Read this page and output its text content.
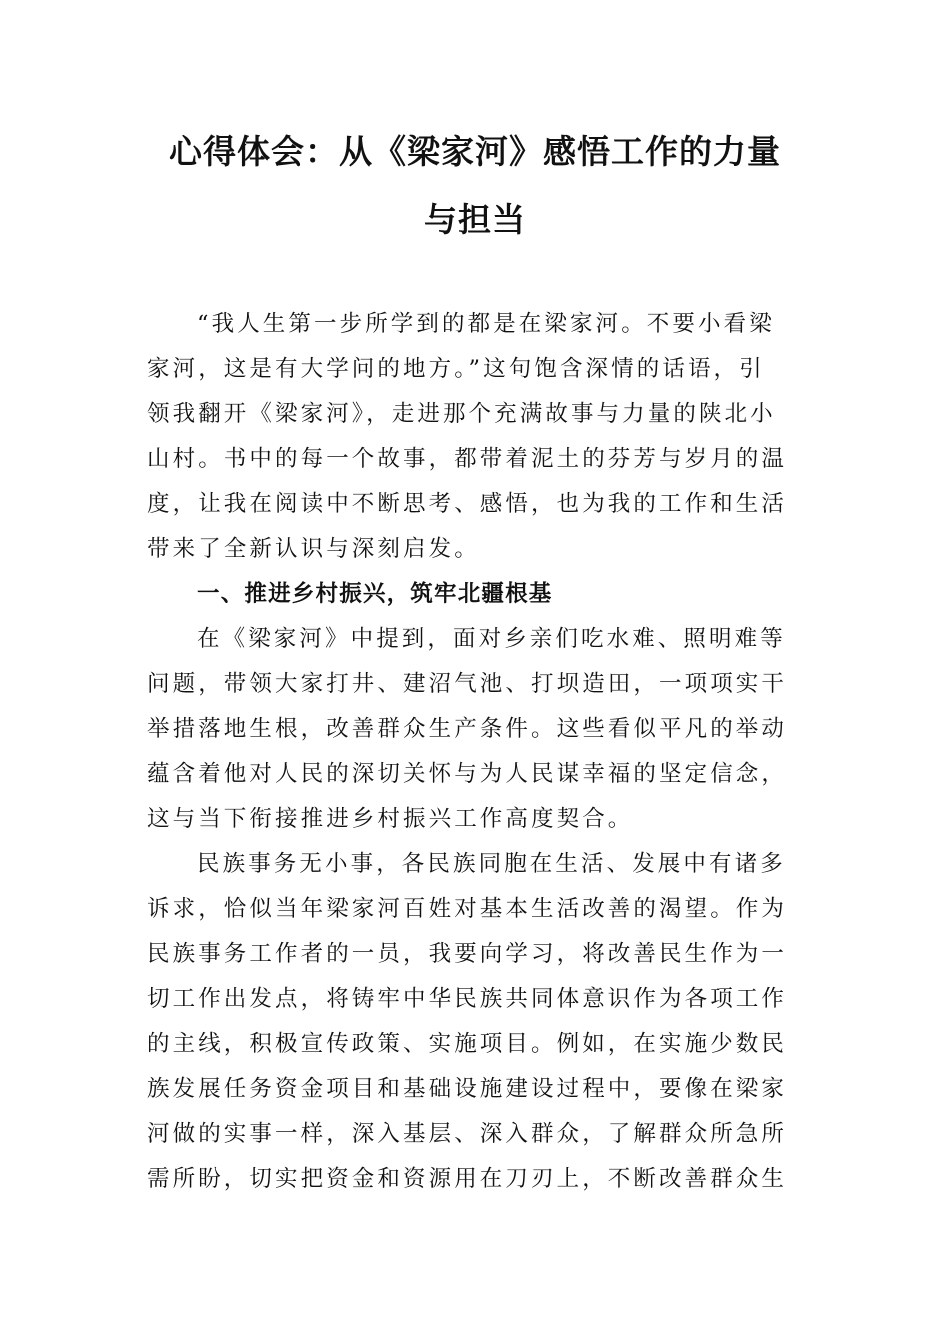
心得体会：从《梁家河》感悟工作的力量
与担当
“我人生第一步所学到的都是在梁家河。不要小看梁
家河，这是有大学问的地方。”这句饱含深情的话语，引
领我翻开《梁家河》，走进那个充满故事与力量的陕北小
山村。书中的每一个故事，都带着泥土的芬芳与岁月的温
度，让我在阅读中不断思考、感悟，也为我的工作和生活
带来了全新认识与深刻启发。
一、推进乡村振兴，筑牢北疆根基
在《梁家河》中提到，面对乡亲们吃水难、照明难等
问题，带领大家打井、建沼气池、打坝造田，一项项实干
举措落地生根，改善群众生产条件。这些看似平凡的举动
蕴含着他对人民的深切关怀与为人民谋幸福的坚定信念，
这与当下衔接推进乡村振兴工作高度契合。
民族事务无小事，各民族同胞在生活、发展中有诸多
诉求，恰似当年梁家河百姓对基本生活改善的渴望。作为
民族事务工作者的一员，我要向学习，将改善民生作为一
切工作出发点，将铸牢中华民族共同体意识作为各项工作
的主线，积极宣传政策、实施项目。例如，在实施少数民
族发展任务资金项目和基础设施建设过程中，要像在梁家
河做的实事一样，深入基层、深入群众，了解群众所急所
需所盼，切实把资金和资源用在刀刃上，不断改善群众生
